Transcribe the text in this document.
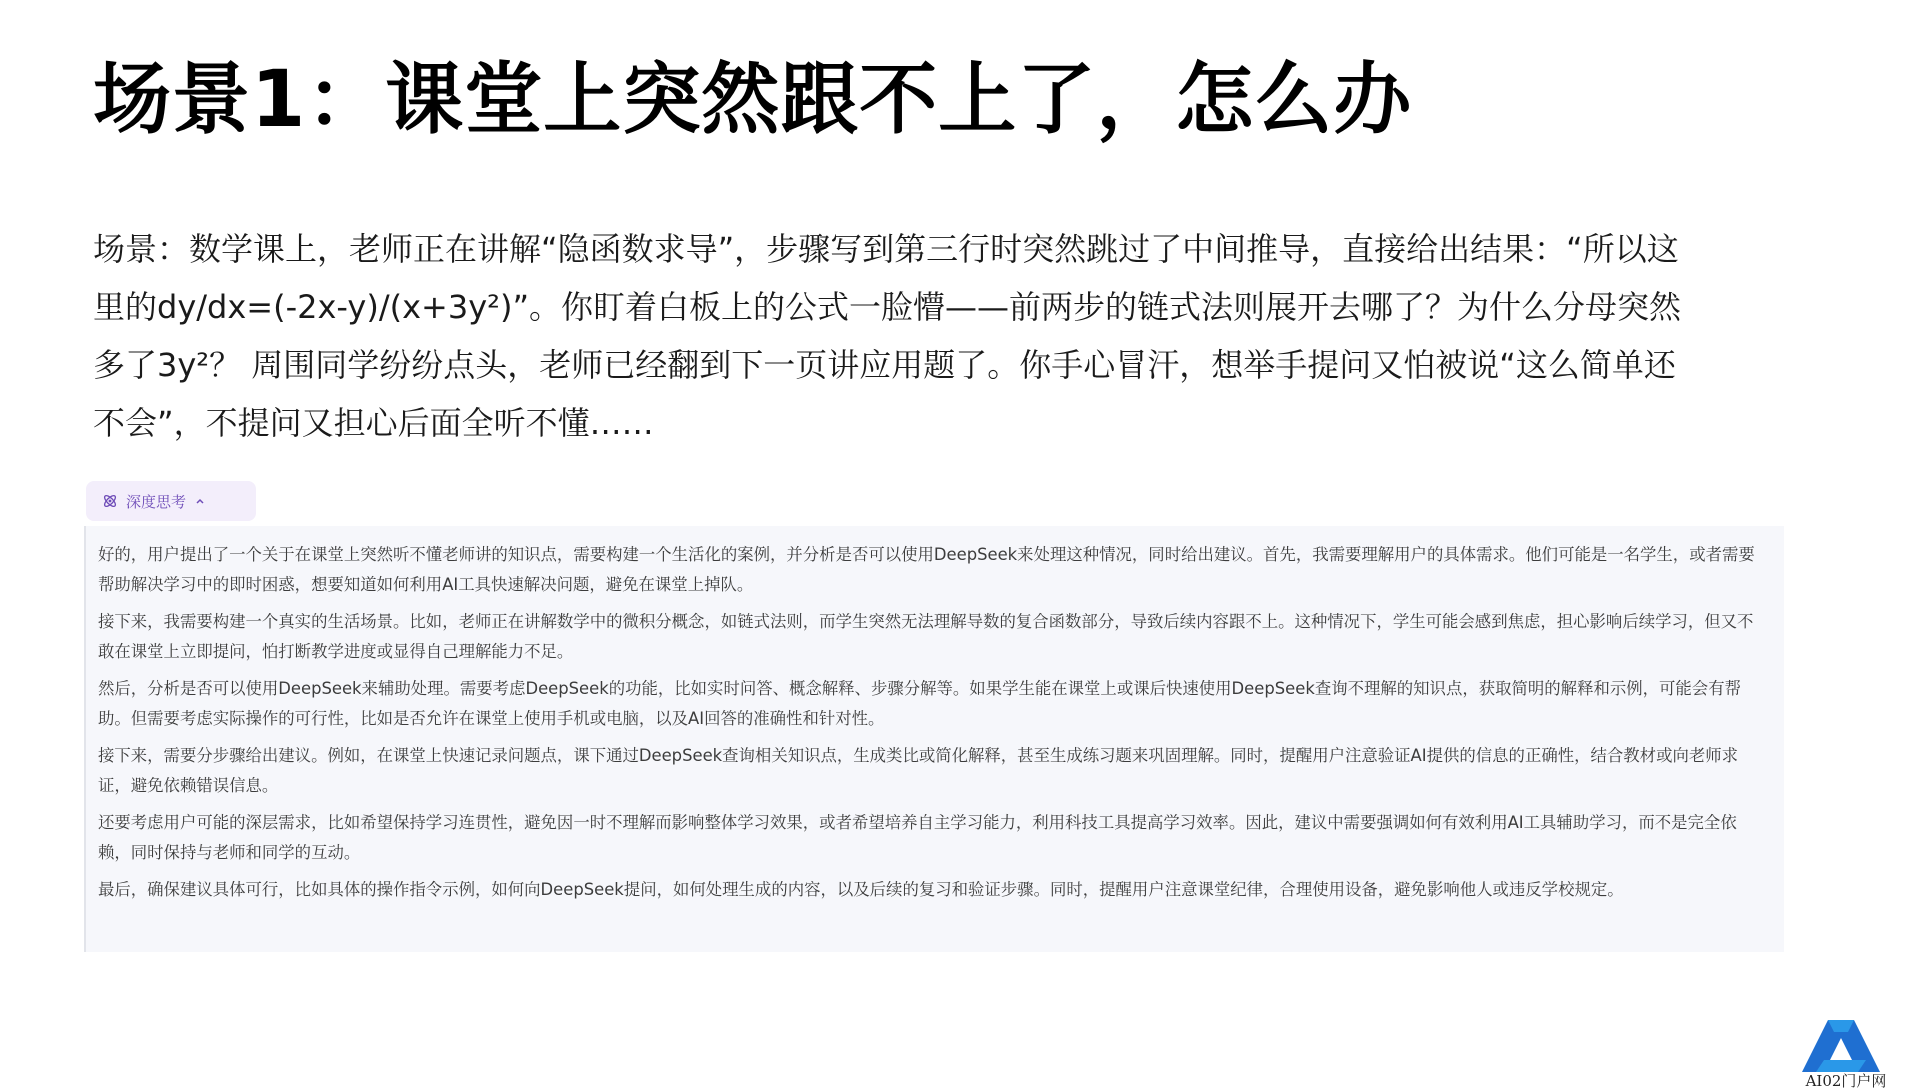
场景1：课堂上突然跟不上了，怎么办

场景：数学课上，老师正在讲解“隐函数求导”，步骤写到第三行时突然跳过了中间推导，直接给出结果：“所以这里的dy/dx=(-2x-y)/(x+3y²)”。你盯着白板上的公式一脸懵——前两步的链式法则展开去哪了？为什么分母突然多了3y²？ 周围同学纷纷点头，老师已经翻到下一页讲应用题了。你手心冒汗，想举手提问又怕被说“这么简单还不会”，不提问又担心后面全听不懂……

深度思考

好的，用户提出了一个关于在课堂上突然听不懂老师讲的知识点，需要构建一个生活化的案例，并分析是否可以使用DeepSeek来处理这种情况，同时给出建议。首先，我需要理解用户的具体需求。他们可能是一名学生，或者需要帮助解决学习中的即时困惑，想要知道如何利用AI工具快速解决问题，避免在课堂上掉队。

接下来，我需要构建一个真实的生活场景。比如，老师正在讲解数学中的微积分概念，如链式法则，而学生突然无法理解导数的复合函数部分，导致后续内容跟不上。这种情况下，学生可能会感到焦虑，担心影响后续学习，但又不敢在课堂上立即提问，怕打断教学进度或显得自己理解能力不足。

然后，分析是否可以使用DeepSeek来辅助处理。需要考虑DeepSeek的功能，比如实时问答、概念解释、步骤分解等。如果学生能在课堂上或课后快速使用DeepSeek查询不理解的知识点，获取简明的解释和示例，可能会有帮助。但需要考虑实际操作的可行性，比如是否允许在课堂上使用手机或电脑，以及AI回答的准确性和针对性。

接下来，需要分步骤给出建议。例如，在课堂上快速记录问题点，课下通过DeepSeek查询相关知识点，生成类比或简化解释，甚至生成练习题来巩固理解。同时，提醒用户注意验证AI提供的信息的正确性，结合教材或向老师求证，避免依赖错误信息。

还要考虑用户可能的深层需求，比如希望保持学习连贯性，避免因一时不理解而影响整体学习效果，或者希望培养自主学习能力，利用科技工具提高学习效率。因此，建议中需要强调如何有效利用AI工具辅助学习，而不是完全依赖，同时保持与老师和同学的互动。

最后，确保建议具体可行，比如具体的操作指令示例，如何向DeepSeek提问，如何处理生成的内容，以及后续的复习和验证步骤。同时，提醒用户注意课堂纪律，合理使用设备，避免影响他人或违反学校规定。

AI02门户网
